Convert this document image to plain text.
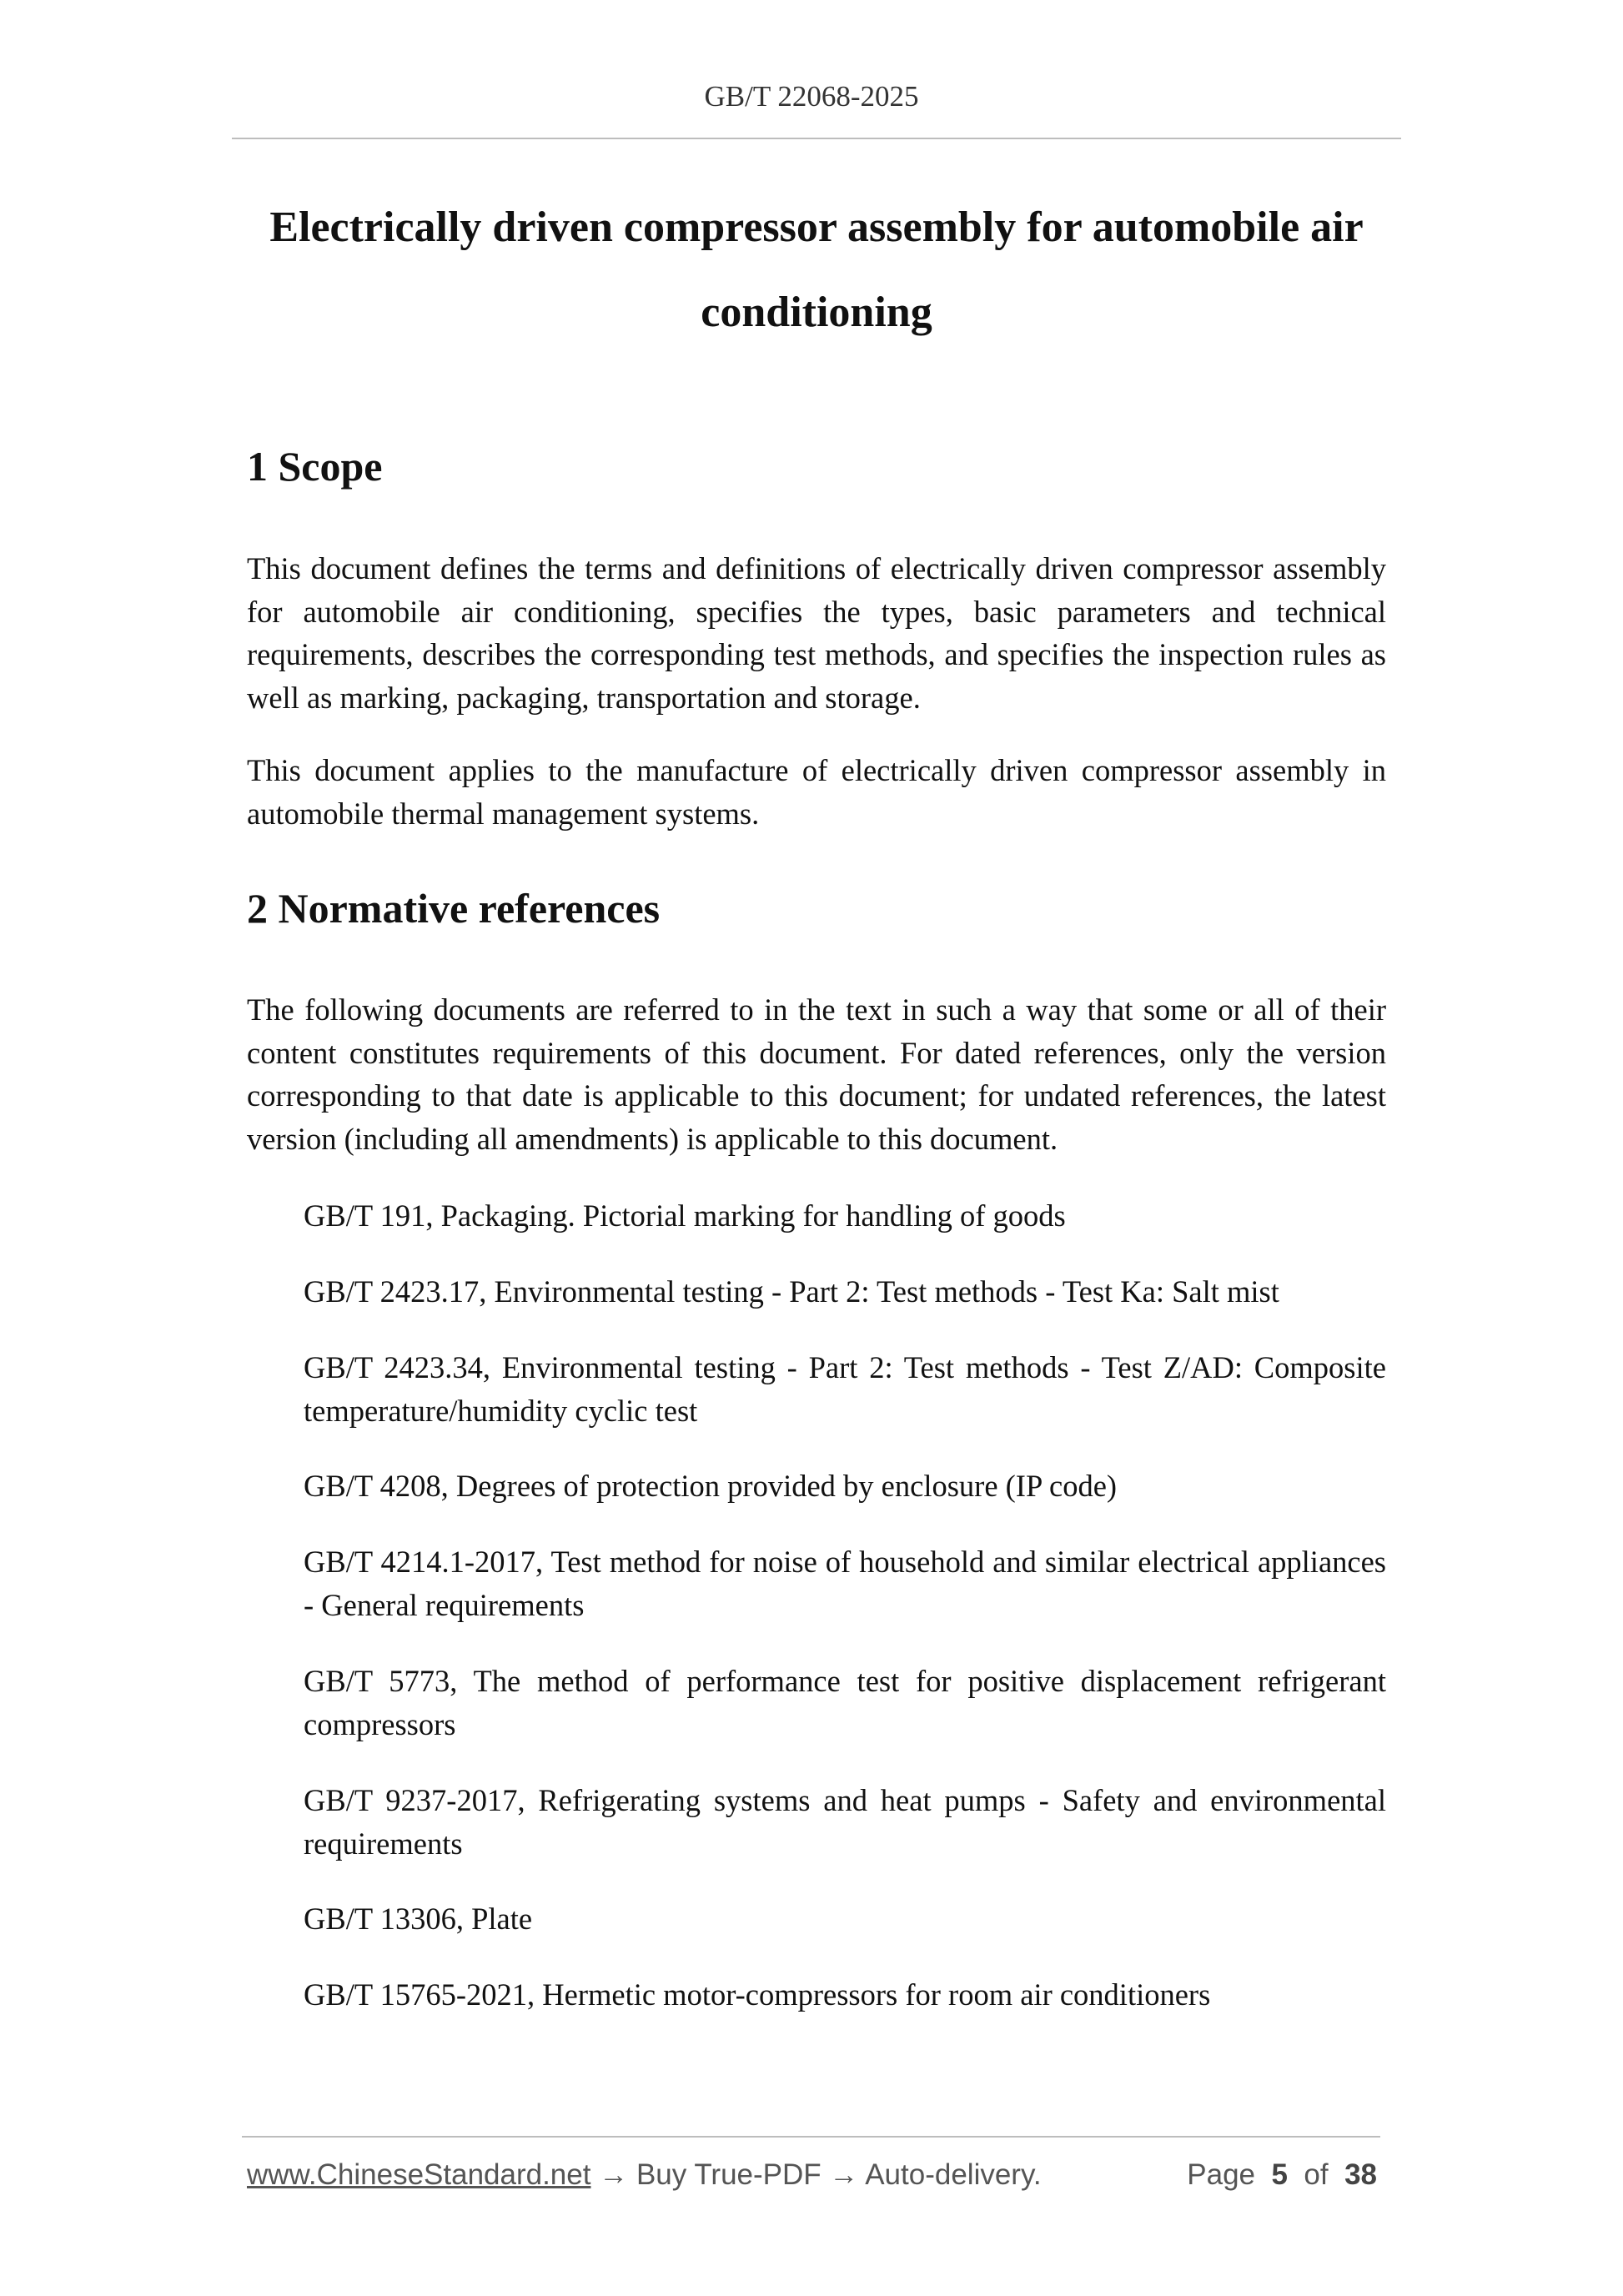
GB/T 22068-2025
Electrically driven compressor assembly for automobile air conditioning
1 Scope

This document defines the terms and definitions of electrically driven compressor assembly for automobile air conditioning, specifies the types, basic parameters and technical requirements, describes the corresponding test methods, and specifies the inspection rules as well as marking, packaging, transportation and storage.

This document applies to the manufacture of electrically driven compressor assembly in automobile thermal management systems.

2 Normative references

The following documents are referred to in the text in such a way that some or all of their content constitutes requirements of this document. For dated references, only the version corresponding to that date is applicable to this document; for undated references, the latest version (including all amendments) is applicable to this document.

GB/T 191, Packaging. Pictorial marking for handling of goods

GB/T 2423.17, Environmental testing - Part 2: Test methods - Test Ka: Salt mist

GB/T 2423.34, Environmental testing - Part 2: Test methods - Test Z/AD: Composite temperature/humidity cyclic test

GB/T 4208, Degrees of protection provided by enclosure (IP code)

GB/T 4214.1-2017, Test method for noise of household and similar electrical appliances - General requirements

GB/T 5773, The method of performance test for positive displacement refrigerant compressors

GB/T 9237-2017, Refrigerating systems and heat pumps - Safety and environmental requirements

GB/T 13306, Plate

GB/T 15765-2021, Hermetic motor-compressors for room air conditioners

www.ChineseStandard.net → Buy True-PDF → Auto-delivery.	Page 5 of 38
